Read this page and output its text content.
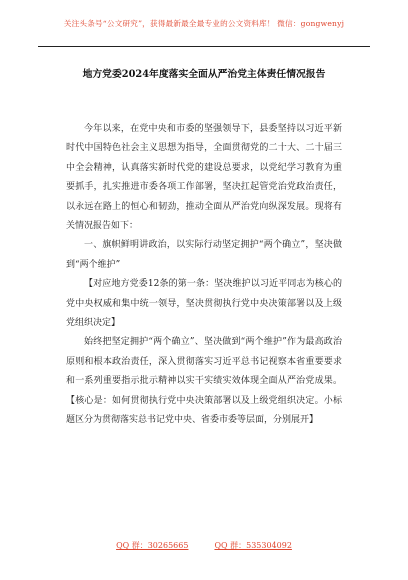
关注头条号“公文研究”，获得最新最全最专业的公文资料库！ 微信：gongwenyj
地方党委2024年度落实全面从严治党主体责任情况报告

今年以来，在党中央和市委的坚强领导下，县委坚持以习近平新时代中国特色社会主义思想为指导，全面贯彻党的二十大、二十届三中全会精神，认真落实新时代党的建设总要求，以党纪学习教育为重要抓手，扎实推进市委各项工作部署，坚决扛起管党治党政治责任，以永远在路上的恒心和韧劲，推动全面从严治党向纵深发展。现将有关情况报告如下：

一、旗帜鲜明讲政治，以实际行动坚定拥护“两个确立”，坚决做到“两个维护”

【对应地方党委12条的第一条：坚决维护以习近平同志为核心的党中央权威和集中统一领导，坚决贯彻执行党中央决策部署以及上级党组织决定】

始终把坚定拥护“两个确立”、坚决做到“两个维护”作为最高政治原则和根本政治责任，深入贯彻落实习近平总书记视察本省重要要求和一系列重要指示批示精神以实干实绩实效体现全面从严治党成果。【核心是：如何贯彻执行党中央决策部署以及上级党组织决定。小标题区分为贯彻落实总书记党中央、省委市委等层面，分别展开】

QQ 群：30265665	QQ 群：535304092
